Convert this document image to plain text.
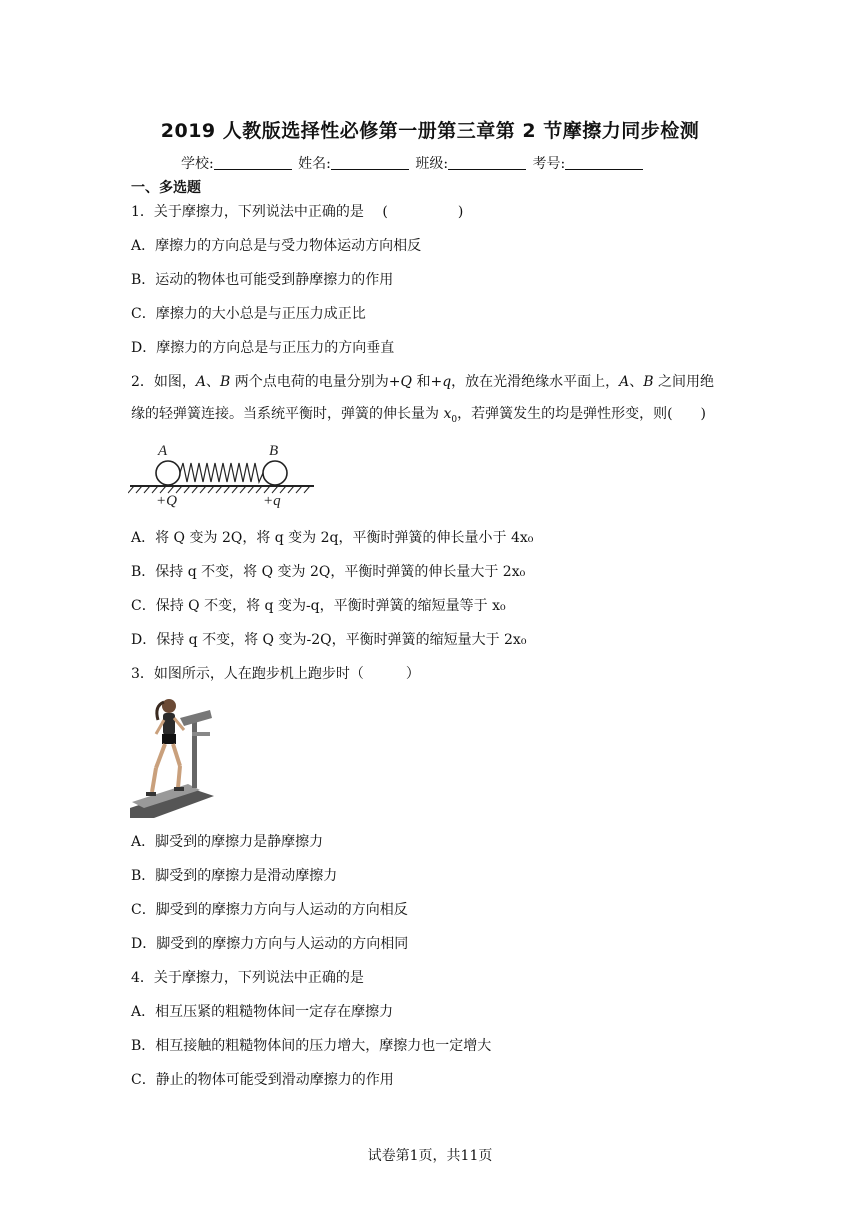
2019 人教版选择性必修第一册第三章第 2 节摩擦力同步检测
学校:	姓名:	班级:	考号:
一、多选题
1．关于摩擦力，下列说法中正确的是　 (　　　　　)
A．摩擦力的方向总是与受力物体运动方向相反
B．运动的物体也可能受到静摩擦力的作用
C．摩擦力的大小总是与正压力成正比
D．摩擦力的方向总是与正压力的方向垂直
2．如图，A、B 两个点电荷的电量分别为+Q 和+q，放在光滑绝缘水平面上，A、B 之间用绝
缘的轻弹簧连接。当系统平衡时，弹簧的伸长量为 $x_0$，若弹簧发生的均是弹性形变，则(　　)
A	B
+Q	+q
A．将 Q 变为 2Q，将 q 变为 2q，平衡时弹簧的伸长量小于 4x₀
B．保持 q 不变，将 Q 变为 2Q，平衡时弹簧的伸长量大于 2x₀
C．保持 Q 不变，将 q 变为-q，平衡时弹簧的缩短量等于 x₀
D．保持 q 不变，将 Q 变为-2Q，平衡时弹簧的缩短量大于 2x₀
3．如图所示，人在跑步机上跑步时（　　　）
A．脚受到的摩擦力是静摩擦力
B．脚受到的摩擦力是滑动摩擦力
C．脚受到的摩擦力方向与人运动的方向相反
D．脚受到的摩擦力方向与人运动的方向相同
4．关于摩擦力，下列说法中正确的是
A．相互压紧的粗糙物体间一定存在摩擦力
B．相互接触的粗糙物体间的压力增大，摩擦力也一定增大
C．静止的物体可能受到滑动摩擦力的作用
试卷第1页，共11页
